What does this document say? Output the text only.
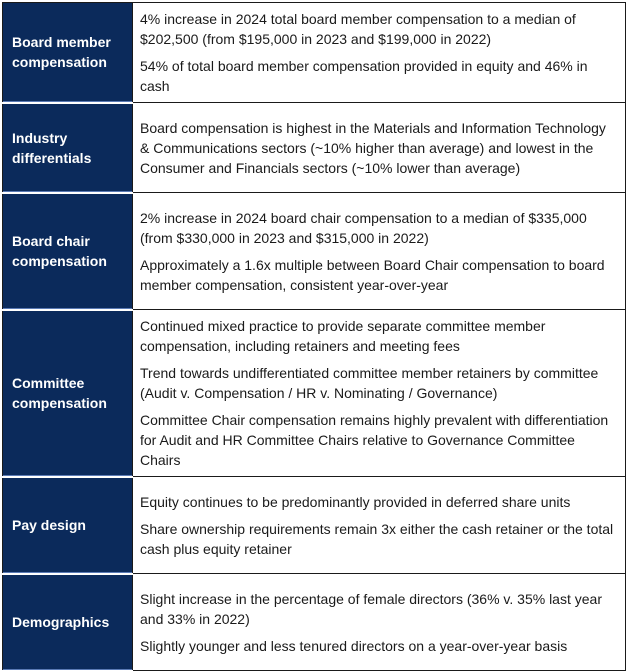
Board member compensation	4% increase in 2024 total board member compensation to a median of $202,500 (from $195,000 in 2023 and $199,000 in 2022)

54% of total board member compensation provided in equity and 46% in cash

Industry differentials	Board compensation is highest in the Materials and Information Technology & Communications sectors (~10% higher than average) and lowest in the Consumer and Financials sectors (~10% lower than average)

Board chair compensation	2% increase in 2024 board chair compensation to a median of $335,000 (from $330,000 in 2023 and $315,000 in 2022)

Approximately a 1.6x multiple between Board Chair compensation to board member compensation, consistent year-over-year

Committee compensation	Continued mixed practice to provide separate committee member compensation, including retainers and meeting fees

Trend towards undifferentiated committee member retainers by committee (Audit v. Compensation / HR v. Nominating / Governance)

Committee Chair compensation remains highly prevalent with differentiation for Audit and HR Committee Chairs relative to Governance Committee Chairs

Pay design	Equity continues to be predominantly provided in deferred share units

Share ownership requirements remain 3x either the cash retainer or the total cash plus equity retainer

Demographics	Slight increase in the percentage of female directors (36% v. 35% last year and 33% in 2022)

Slightly younger and less tenured directors on a year-over-year basis
